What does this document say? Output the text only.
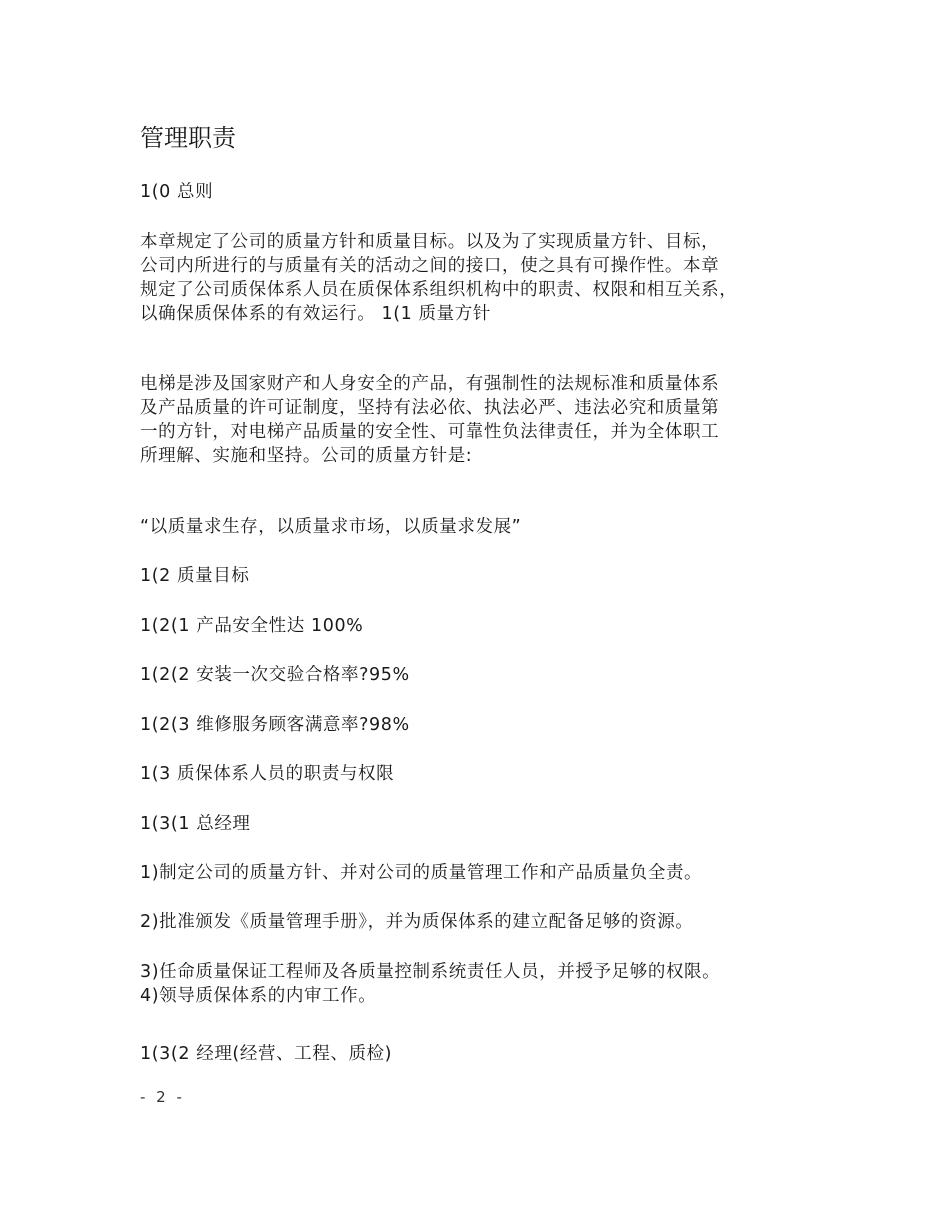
管理职责

1(0 总则

本章规定了公司的质量方针和质量目标。以及为了实现质量方针、目标，
公司内所进行的与质量有关的活动之间的接口，使之具有可操作性。本章
规定了公司质保体系人员在质保体系组织机构中的职责、权限和相互关系，
以确保质保体系的有效运行。 1(1 质量方针
电梯是涉及国家财产和人身安全的产品，有强制性的法规标准和质量体系
及产品质量的许可证制度，坚持有法必依、执法必严、违法必究和质量第
一的方针，对电梯产品质量的安全性、可靠性负法律责任，并为全体职工
所理解、实施和坚持。公司的质量方针是:

“以质量求生存，以质量求市场，以质量求发展”

1(2 质量目标

1(2(1 产品安全性达 100%

1(2(2 安装一次交验合格率?95%

1(2(3 维修服务顾客满意率?98%

1(3 质保体系人员的职责与权限

1(3(1 总经理

1)制定公司的质量方针、并对公司的质量管理工作和产品质量负全责。

2)批准颁发《质量管理手册》，并为质保体系的建立配备足够的资源。

3)任命质量保证工程师及各质量控制系统责任人员，并授予足够的权限。
4)领导质保体系的内审工作。

1(3(2 经理(经营、工程、质检)

- 2 -
